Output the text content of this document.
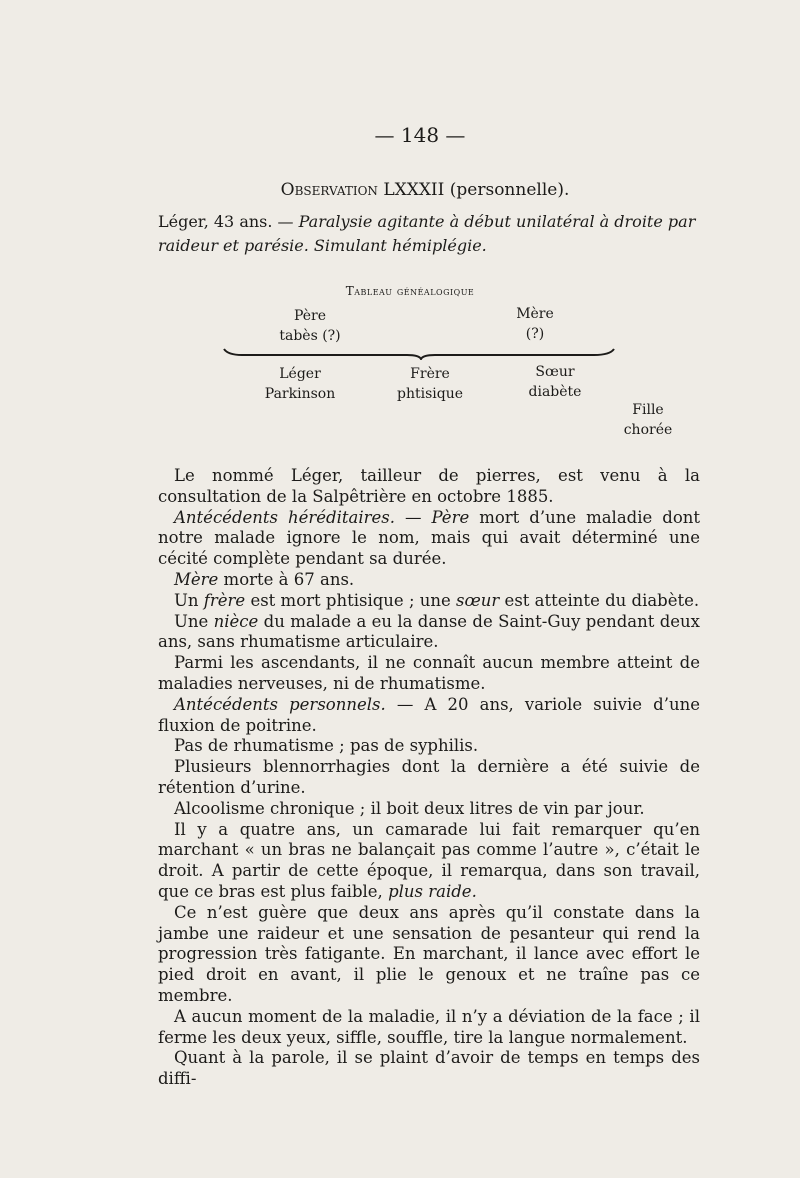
— 148 —
Observation LXXXII (personnelle).
Léger, 43 ans. — Paralysie agitante à début unilatéral à droite par raideur et parésie. Simulant hémiplégie.
Tableau généalogique
Père
tabès (?)
Mère
(?)
Léger
Parkinson
Frère
phtisique
Sœur
diabète
Fille
chorée

Le nommé Léger, tailleur de pierres, est venu à la consultation de la Salpêtrière en octobre 1885.

Antécédents héréditaires. — Père mort d’une maladie dont notre malade ignore le nom, mais qui avait déterminé une cécité complète pendant sa durée.

Mère morte à 67 ans.

Un frère est mort phtisique ; une sœur est atteinte du diabète.

Une nièce du malade a eu la danse de Saint-Guy pendant deux ans, sans rhumatisme articulaire.

Parmi les ascendants, il ne connaît aucun membre atteint de maladies nerveuses, ni de rhumatisme.

Antécédents personnels. — A 20 ans, variole suivie d’une fluxion de poitrine.

Pas de rhumatisme ; pas de syphilis.

Plusieurs blennorrhagies dont la dernière a été suivie de rétention d’urine.

Alcoolisme chronique ; il boit deux litres de vin par jour.

Il y a quatre ans, un camarade lui fait remarquer qu’en marchant « un bras ne balançait pas comme l’autre », c’était le droit. A partir de cette époque, il remarqua, dans son travail, que ce bras est plus faible, plus raide.

Ce n’est guère que deux ans après qu’il constate dans la jambe une raideur et une sensation de pesanteur qui rend la progression très fatigante. En marchant, il lance avec effort le pied droit en avant, il plie le genoux et ne traîne pas ce membre.

A aucun moment de la maladie, il n’y a déviation de la face ; il ferme les deux yeux, siffle, souffle, tire la langue normalement.

Quant à la parole, il se plaint d’avoir de temps en temps des diffi-
